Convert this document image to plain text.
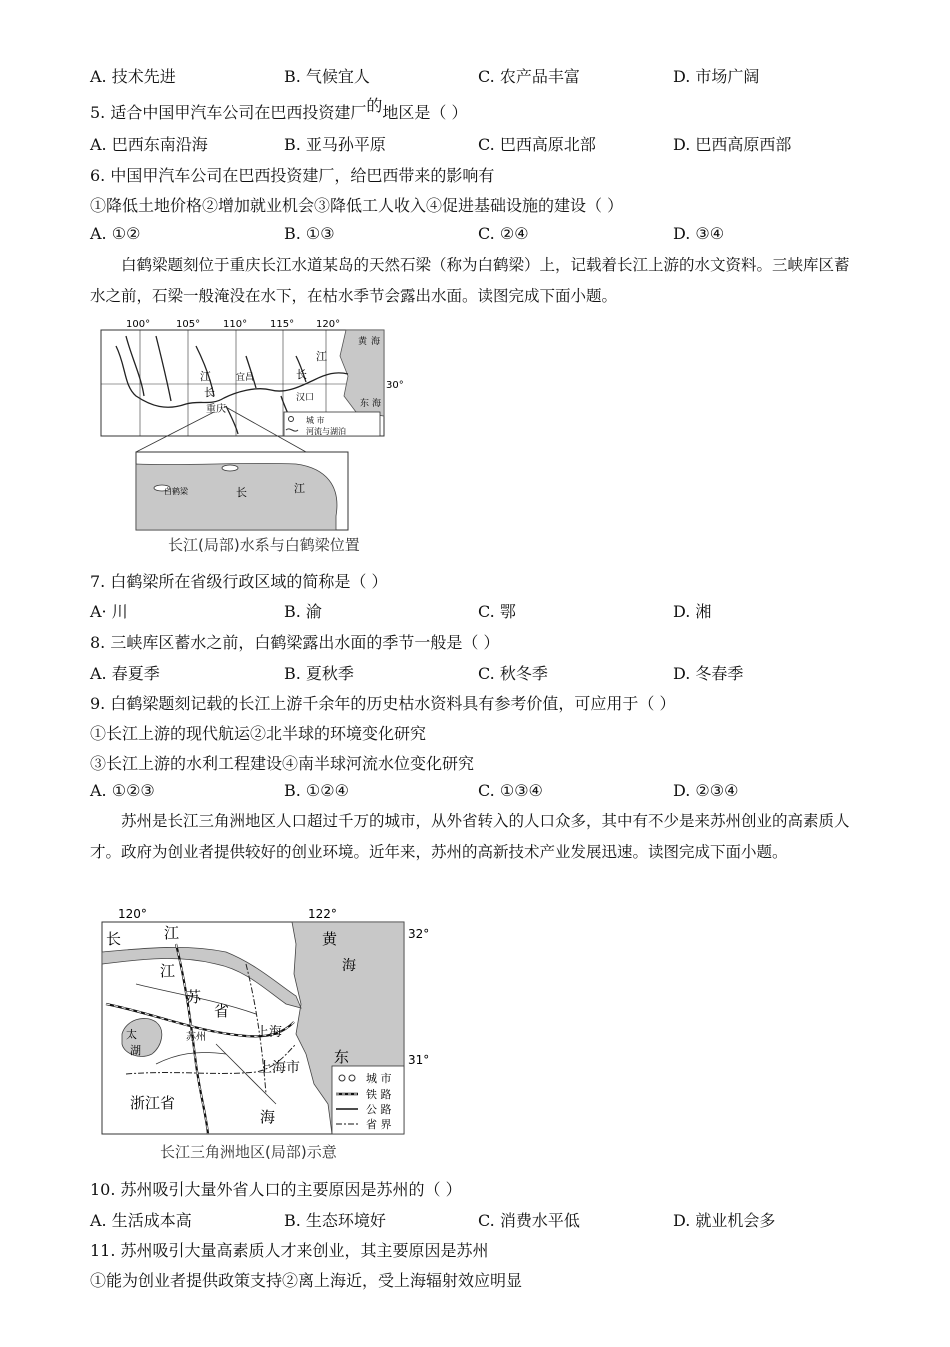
A. 技术先进	B. 气候宜人	C. 农产品丰富	D. 市场广阔
5. 适合中国甲汽车公司在巴西投资建厂的地区是（ ）
A. 巴西东南沿海	B. 亚马孙平原	C. 巴西高原北部	D. 巴西高原西部
6. 中国甲汽车公司在巴西投资建厂，给巴西带来的影响有
①降低土地价格②增加就业机会③降低工人收入④促进基础设施的建设（ ）
A. ①②	B. ①③	C. ②④	D. ③④
白鹤梁题刻位于重庆长江水道某岛的天然石梁（称为白鹤梁）上，记载着长江上游的水文资料。三峡库区蓄水之前，石梁一般淹没在水下，在枯水季节会露出水面。读图完成下面小题。
城 市
河流与湖泊
100°	105° 110° 115° 120°
30°
黄 海
东 海
江
长
宜昌
重庆
汉口
江
长
江
长
白鹤梁
长江(局部)水系与白鹤梁位置
7. 白鹤梁所在省级行政区域的简称是（ ）
A· 川	B. 渝	C. 鄂	D. 湘
8. 三峡库区蓄水之前，白鹤梁露出水面的季节一般是（ ）
A. 春夏季	B. 夏秋季	C. 秋冬季	D. 冬春季
9. 白鹤梁题刻记载的长江上游千余年的历史枯水资料具有参考价值，可应用于（ ）
①长江上游的现代航运②北半球的环境变化研究
③长江上游的水利工程建设④南半球河流水位变化研究
A. ①②③	B. ①②④	C. ①③④	D. ②③④
苏州是长江三角洲地区人口超过千万的城市，从外省转入的人口众多，其中有不少是来苏州创业的高素质人才。政府为创业者提供较好的创业环境。近年来，苏州的高新技术产业发展迅速。读图完成下面小题。
城 市
铁 路
公 路
省 界
120°	122°
32°
31°
长	江
江
苏
省
黄
海
太
湖
苏州	上海
上海市
东
浙江省
海
长江三角洲地区(局部)示意
10. 苏州吸引大量外省人口的主要原因是苏州的（ ）
A. 生活成本高	B. 生态环境好	C. 消费水平低	D. 就业机会多
11. 苏州吸引大量高素质人才来创业，其主要原因是苏州
①能为创业者提供政策支持②离上海近，受上海辐射效应明显
